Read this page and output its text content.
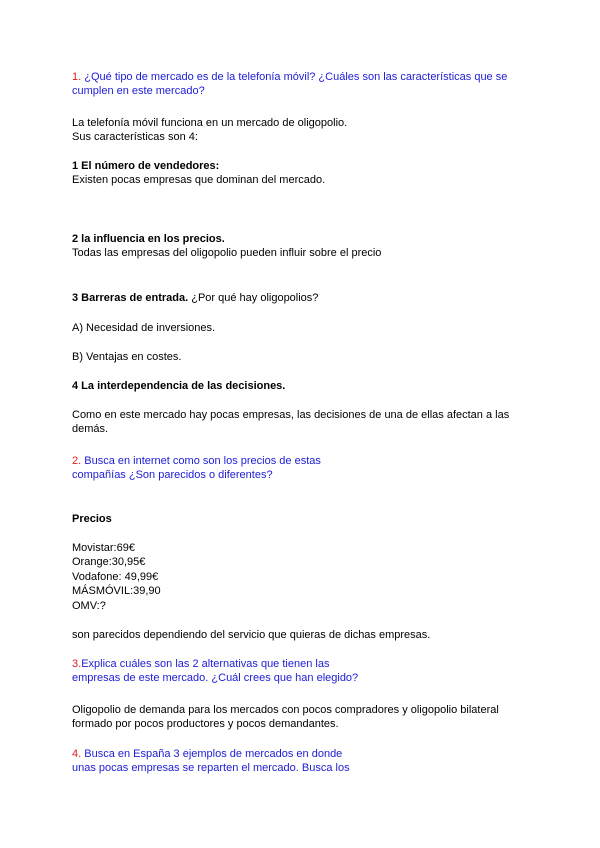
1. ¿Qué tipo de mercado es de la telefonía móvil? ¿Cuáles son las características que se
cumplen en este mercado?
La telefonía móvil funciona en un mercado de oligopolio.
Sus características son 4:
1 El número de vendedores:
Existen pocas empresas que dominan del mercado.
2 la influencia en los precios.
Todas las empresas del oligopolio pueden influir sobre el precio
3 Barreras de entrada. ¿Por qué hay oligopolios?
A) Necesidad de inversiones.
B) Ventajas en costes.
4 La interdependencia de las decisiones.
Como en este mercado hay pocas empresas, las decisiones de una de ellas afectan a las
demás.
2. Busca en internet como son los precios de estas
compañías ¿Son parecidos o diferentes?
Precios
Movistar:69€
Orange:30,95€
Vodafone: 49,99€
MÁSMÓVIL:39,90
OMV:?
son parecidos dependiendo del servicio que quieras de dichas empresas.
3.Explica cuáles son las 2 alternativas que tienen las
empresas de este mercado. ¿Cuál crees que han elegido?
Oligopolio de demanda para los mercados con pocos compradores y oligopolio bilateral
formado por pocos productores y pocos demandantes.
4. Busca en España 3 ejemplos de mercados en donde
unas pocas empresas se reparten el mercado. Busca los
